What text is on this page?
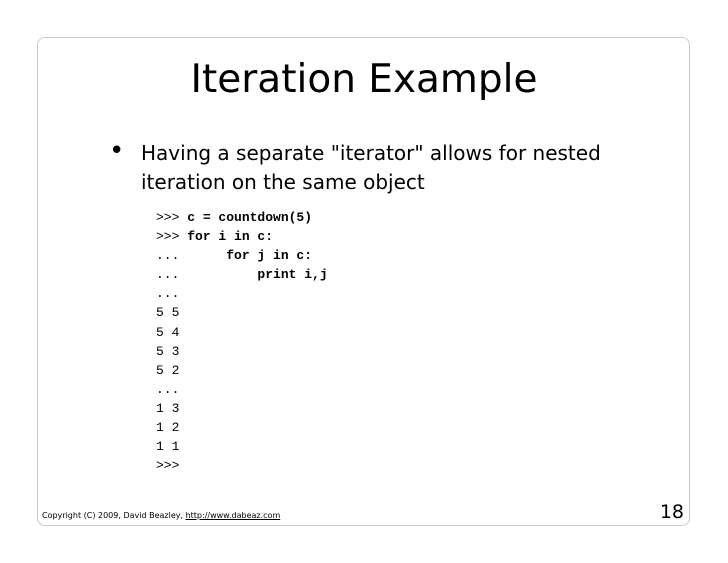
Iteration Example
• Having a separate "iterator" allows for nested iteration on the same object
>>> c = countdown(5)
>>> for i in c:
...      for j in c:
...          print i,j
...
5 5
5 4
5 3
5 2
...
1 3
1 2
1 1
>>>
Copyright (C) 2009, David Beazley, http://www.dabeaz.com	18
